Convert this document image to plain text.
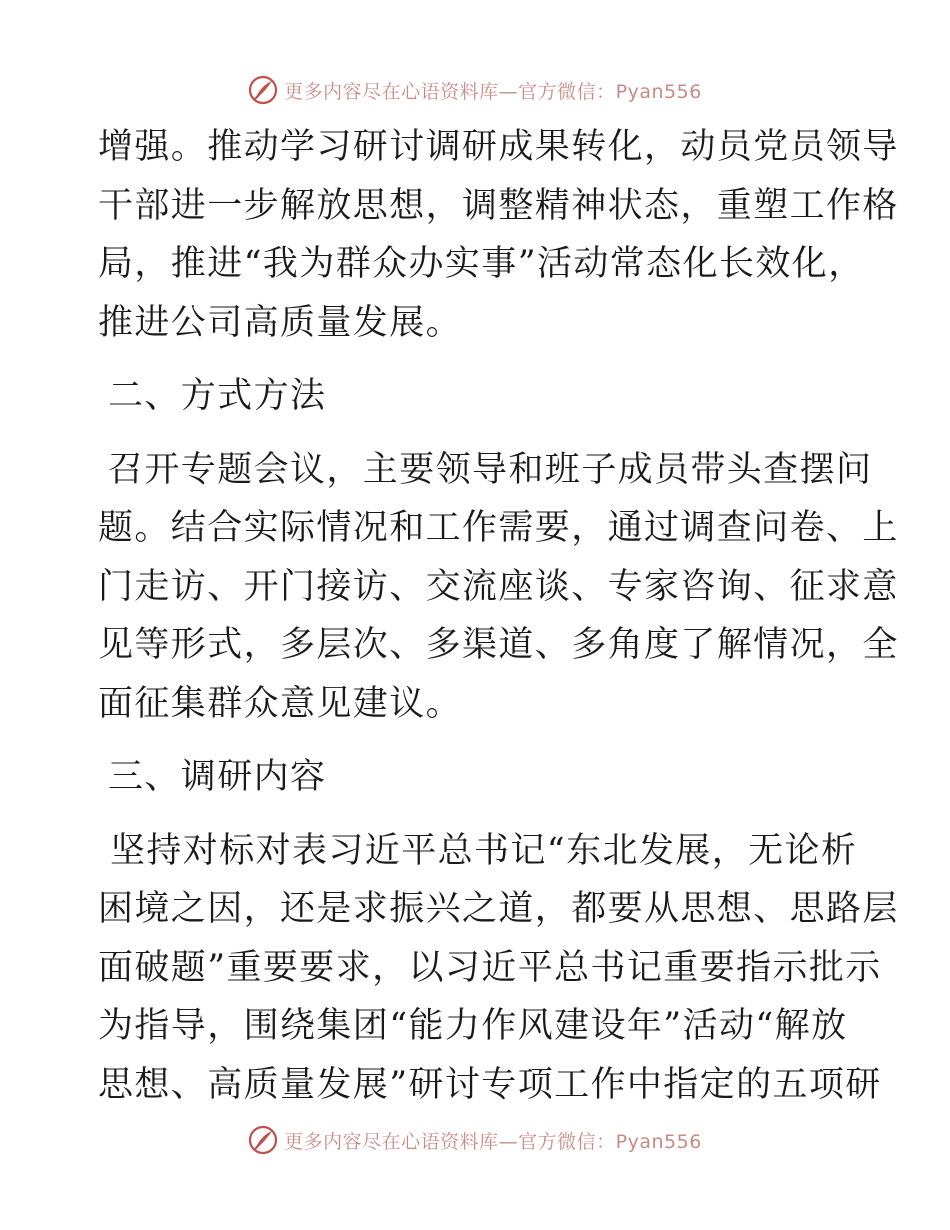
更多内容尽在心语资料库—官方微信：Pyan556
增强。推动学习研讨调研成果转化，动员党员领导
干部进一步解放思想，调整精神状态，重塑工作格
局，推进“我为群众办实事”活动常态化长效化，
推进公司高质量发展。
二、方式方法
召开专题会议，主要领导和班子成员带头查摆问
题。结合实际情况和工作需要，通过调查问卷、上
门走访、开门接访、交流座谈、专家咨询、征求意
见等形式，多层次、多渠道、多角度了解情况，全
面征集群众意见建议。
三、调研内容
坚持对标对表习近平总书记“东北发展，无论析
困境之因，还是求振兴之道，都要从思想、思路层
面破题”重要要求，以习近平总书记重要指示批示
为指导，围绕集团“能力作风建设年”活动“解放
思想、高质量发展”研讨专项工作中指定的五项研
更多内容尽在心语资料库—官方微信：Pyan556
